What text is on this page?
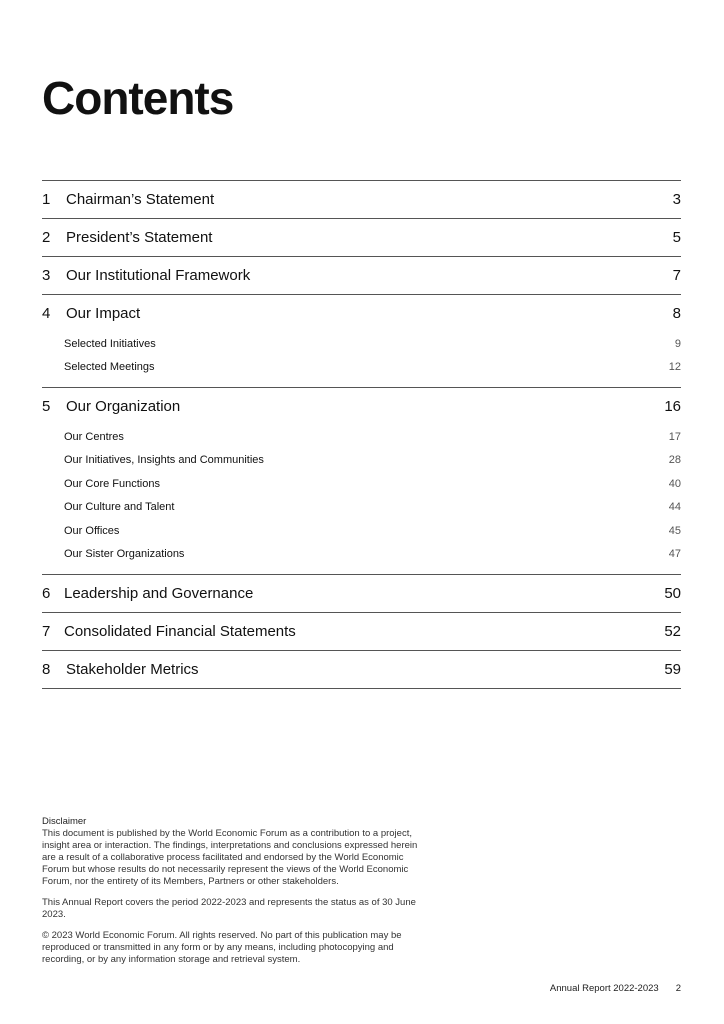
Contents
1	Chairman’s Statement	3
2	President’s Statement	5
3	Our Institutional Framework	7
4	Our Impact	8
Selected Initiatives	9
Selected Meetings	12
5	Our Organization	16
Our Centres	17
Our Initiatives, Insights and Communities	28
Our Core Functions	40
Our Culture and Talent	44
Our Offices	45
Our Sister Organizations	47
6 Leadership and Governance	50
7 Consolidated Financial Statements	52
8	Stakeholder Metrics	59

Disclaimer

This document is published by the World Economic Forum as a contribution to a project, insight area or interaction. The findings, interpretations and conclusions expressed herein are a result of a collaborative process facilitated and endorsed by the World Economic Forum but whose results do not necessarily represent the views of the World Economic Forum, nor the entirety of its Members, Partners or other stakeholders.

This Annual Report covers the period 2022-2023 and represents the status as of 30 June 2023.

© 2023 World Economic Forum. All rights reserved. No part of this publication may be reproduced or transmitted in any form or by any means, including photocopying and recording, or by any information storage and retrieval system.

Annual Report 2022-2023 2
